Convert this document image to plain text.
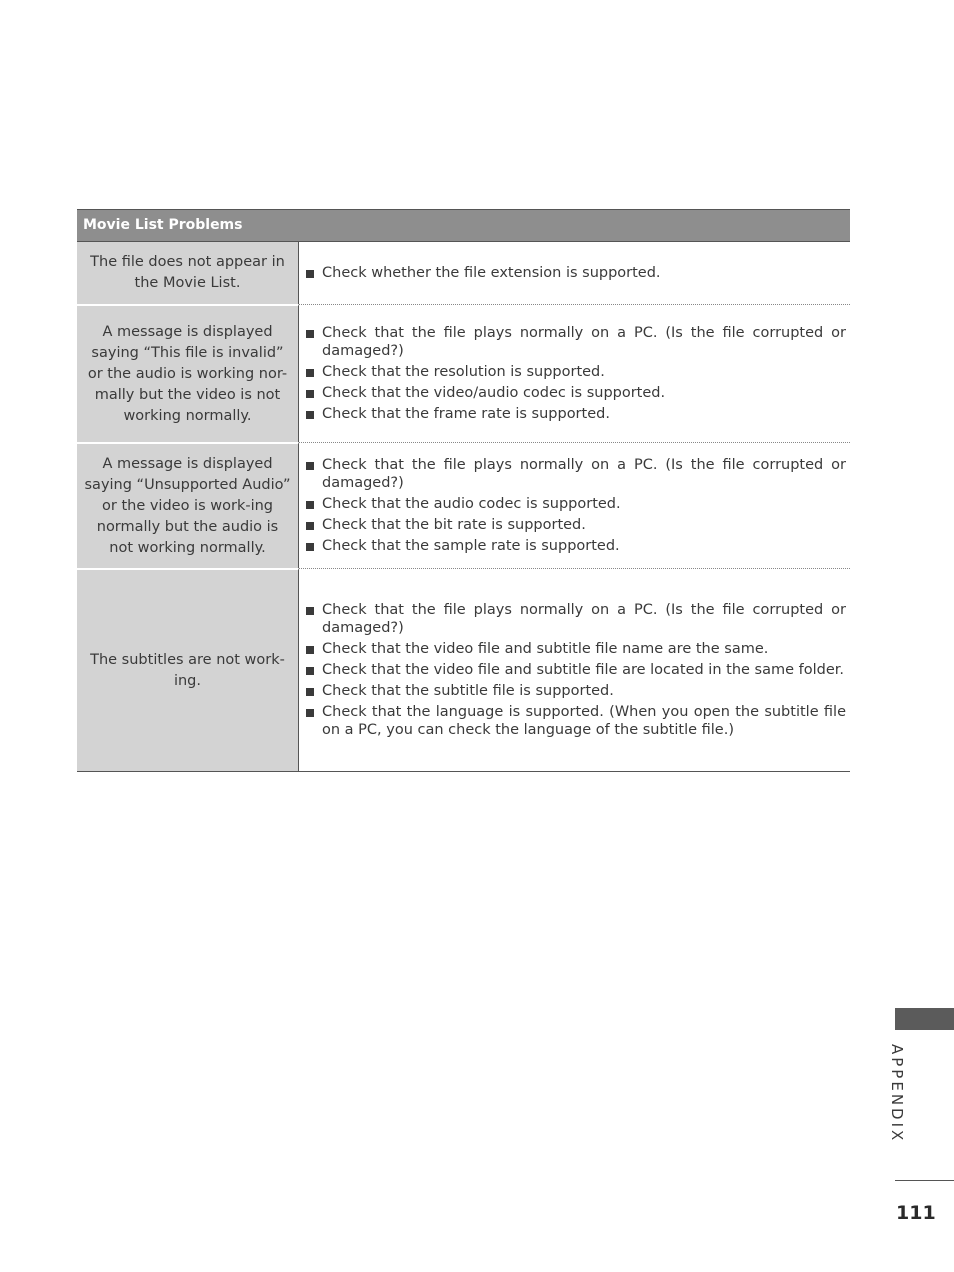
Movie List Problems
The file does not appear in the Movie List.
Check whether the file extension is supported.
A message is displayed saying “This file is invalid” or the audio is working nor-mally but the video is not working normally.
Check that the file plays normally on a PC. (Is the file corrupted or damaged?)
Check that the resolution is supported.
Check that the video/audio codec is supported.
Check that the frame rate is supported.
A message is displayed saying “Unsupported Audio” or the video is work-ing normally but the audio is not working normally.
Check that the file plays normally on a PC. (Is the file corrupted or damaged?)
Check that the audio codec is supported.
Check that the bit rate is supported.
Check that the sample rate is supported.
The subtitles are not work-ing.
Check that the file plays normally on a PC. (Is the file corrupted or damaged?)
Check that the video file and subtitle file name are the same.
Check that the video file and subtitle file are located in the same folder.
Check that the subtitle file is supported.
Check that the language is supported. (When you open the subtitle file on a PC, you can check the language of the subtitle file.)
APPENDIX
111
